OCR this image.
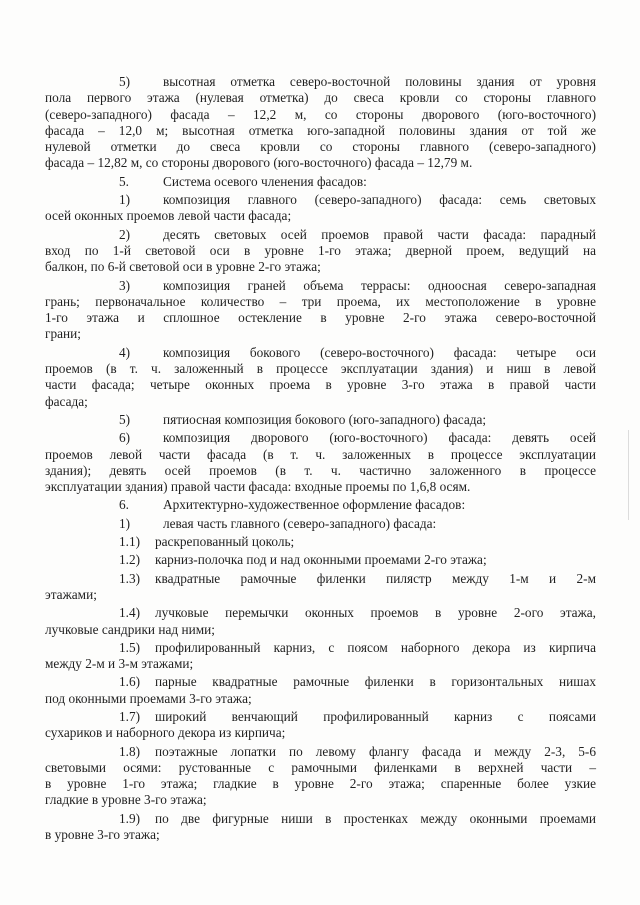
5) высотная отметка северо-восточной половины здания от уровня
пола первого этажа (нулевая отметка) до свеса кровли со стороны главного
(северо-западного) фасада – 12,2 м, со стороны дворового (юго-восточного)
фасада – 12,0 м; высотная отметка юго-западной половины здания от той же
нулевой отметки до свеса кровли со стороны главного (северо-западного)
фасада – 12,82 м, со стороны дворового (юго-восточного) фасада – 12,79 м.
5.	Система осевого членения фасадов:
1) композиция главного (северо-западного) фасада: семь световых
осей оконных проемов левой части фасада;
2) десять световых осей проемов правой части фасада: парадный
вход по 1-й световой оси в уровне 1-го этажа; дверной проем, ведущий на
балкон, по 6-й световой оси в уровне 2-го этажа;
3) композиция граней объема террасы: одноосная северо-западная
грань; первоначальное количество – три проема, их местоположение в уровне
1-го этажа и сплошное остекление в уровне 2-го этажа северо-восточной
грани;
4) композиция бокового (северо-восточного) фасада: четыре оси
проемов (в т. ч. заложенный в процессе эксплуатации здания) и ниш в левой
части фасада; четыре оконных проема в уровне 3-го этажа в правой части
фасада;
5) пятиосная композиция бокового (юго-западного) фасада;
6) композиция дворового (юго-восточного) фасада: девять осей
проемов левой части фасада (в т. ч. заложенных в процессе эксплуатации
здания); девять осей проемов (в т. ч. частично заложенного в процессе
эксплуатации здания) правой части фасада: входные проемы по 1,6,8 осям.
6.	Архитектурно-художественное оформление фасадов:
1) левая часть главного (северо-западного) фасада:
1.1) раскрепованный цоколь;
1.2) карниз-полочка под и над оконными проемами 2-го этажа;
1.3) квадратные рамочные филенки пилястр между 1-м и 2-м
этажами;
1.4) лучковые перемычки оконных проемов в уровне 2-ого этажа,
лучковые сандрики над ними;
1.5) профилированный карниз, с поясом наборного декора из кирпича
между 2-м и 3-м этажами;
1.6) парные квадратные рамочные филенки в горизонтальных нишах
под оконными проемами 3-го этажа;
1.7) широкий венчающий профилированный карниз с поясами
сухариков и наборного декора из кирпича;
1.8) поэтажные лопатки по левому флангу фасада и между 2-3, 5-6
световыми осями: рустованные с рамочными филенками в верхней части –
в уровне 1-го этажа; гладкие в уровне 2-го этажа; спаренные более узкие
гладкие в уровне 3-го этажа;
1.9) по две фигурные ниши в простенках между оконными проемами
в уровне 3-го этажа;
